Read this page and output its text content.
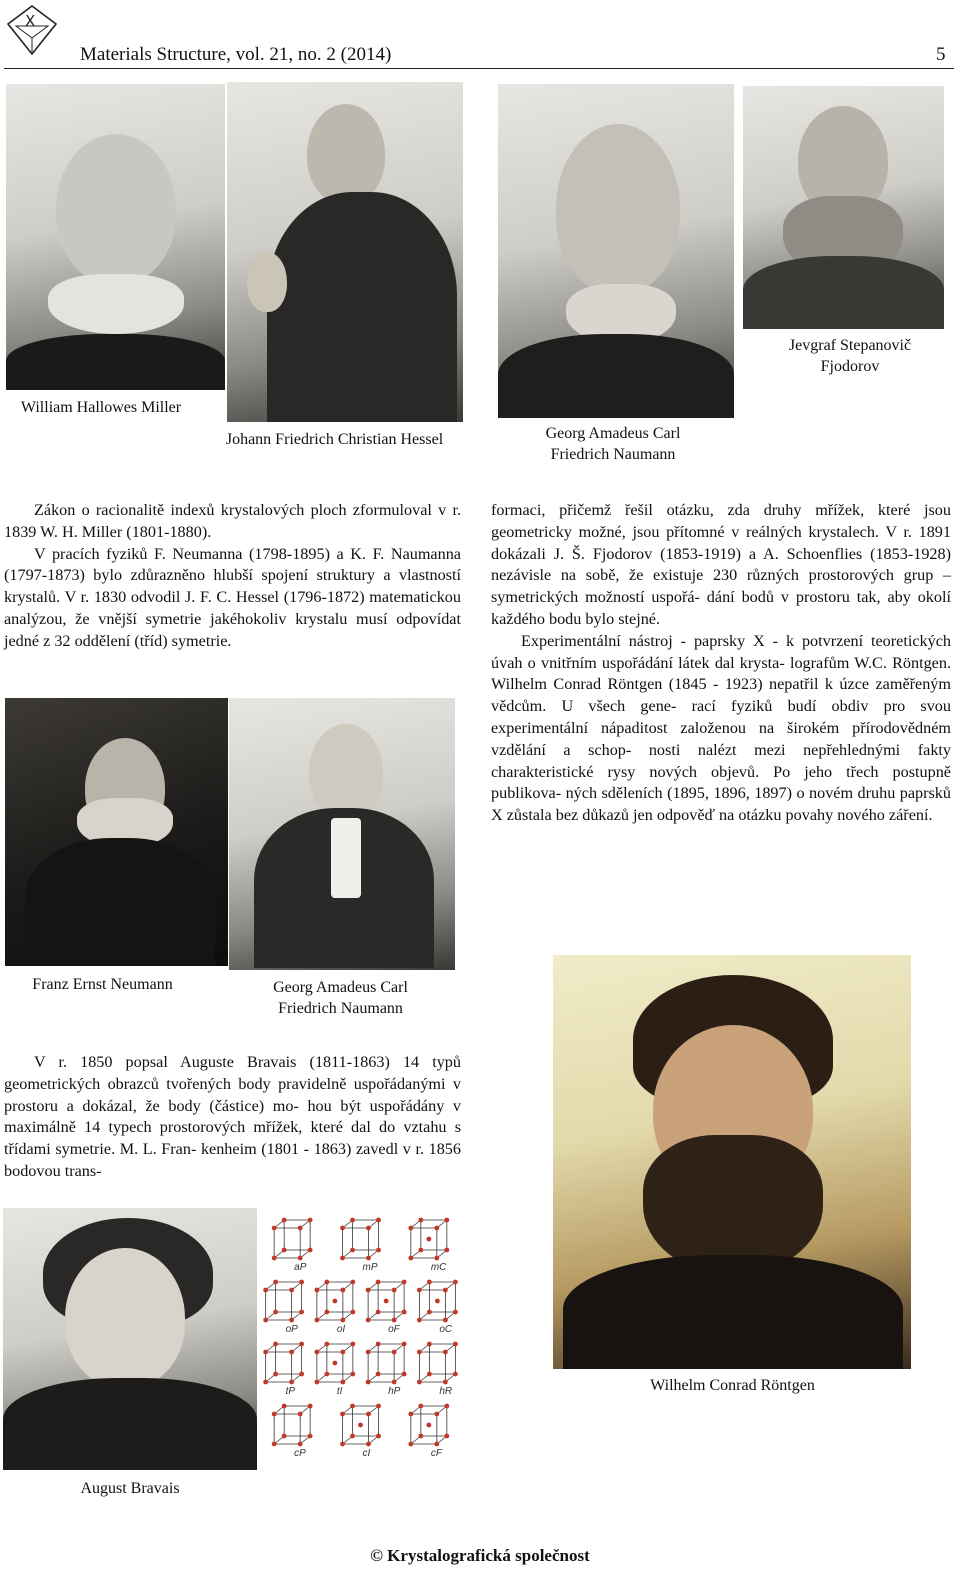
X
Materials Structure, vol. 21, no. 2 (2014)	5
William Hallowes Miller
Johann Friedrich Christian Hessel	Georg Amadeus Carl
Friedrich Naumann
Jevgraf Stepanovič
Fjodorov

Zákon o racionalitě indexů krystalových ploch zformuloval v r. 1839 W. H. Miller (1801-1880).

V pracích fyziků F. Neumanna (1798-1895) a K. F. Naumanna (1797-1873) bylo zdůrazněno hlubší spojení struktury a vlastností krystalů. V r. 1830 odvodil J. F. C. Hessel (1796-1872) matematickou analýzou, že vnější symetrie jakéhokoliv krystalu musí odpovídat jedné z 32 oddělení (tříd) symetrie.

formaci, přičemž řešil otázku, zda druhy mřížek, které jsou geometricky možné, jsou přítomné v reálných krystalech. V r. 1891 dokázali J. Š. Fjodorov (1853-1919) a A. Schoenflies (1853-1928) nezávisle na sobě, že existuje 230 různých prostorových grup – symetrických možností uspořá- dání bodů v prostoru tak, aby okolí každého bodu bylo stejné.

Experimentální nástroj - paprsky X - k potvrzení teoretických úvah o vnitřním uspořádání látek dal krysta- lografům W.C. Röntgen. Wilhelm Conrad Röntgen (1845 - 1923) nepatřil k úzce zaměřeným vědcům. U všech gene- rací fyziků budí obdiv pro svou experimentální nápaditost založenou na širokém přírodovědném vzdělání a schop- nosti nalézt mezi nepřehlednými fakty charakteristické rysy nových objevů. Po jeho třech postupně publikova- ných sděleních (1895, 1896, 1897) o novém druhu paprsků X zůstala bez důkazů jen odpověď na otázku povahy nového záření.

Franz Ernst Neumann	Georg Amadeus Carl
Friedrich Naumann
Wilhelm Conrad Röntgen

V r. 1850 popsal Auguste Bravais (1811-1863) 14 typů geometrických obrazců tvořených body pravidelně uspořádanými v prostoru a dokázal, že body (částice) mo- hou být uspořádány v maximálně 14 typech prostorových mřížek, které dal do vztahu s třídami symetrie. M. L. Fran- kenheim (1801 - 1863) zavedl v r. 1856 bodovou trans-

August Bravais
aP	mP	mC
oP	oI	oF	oC
tP	tI	hP	hR
cP	cI	cF
© Krystalografická společnost
